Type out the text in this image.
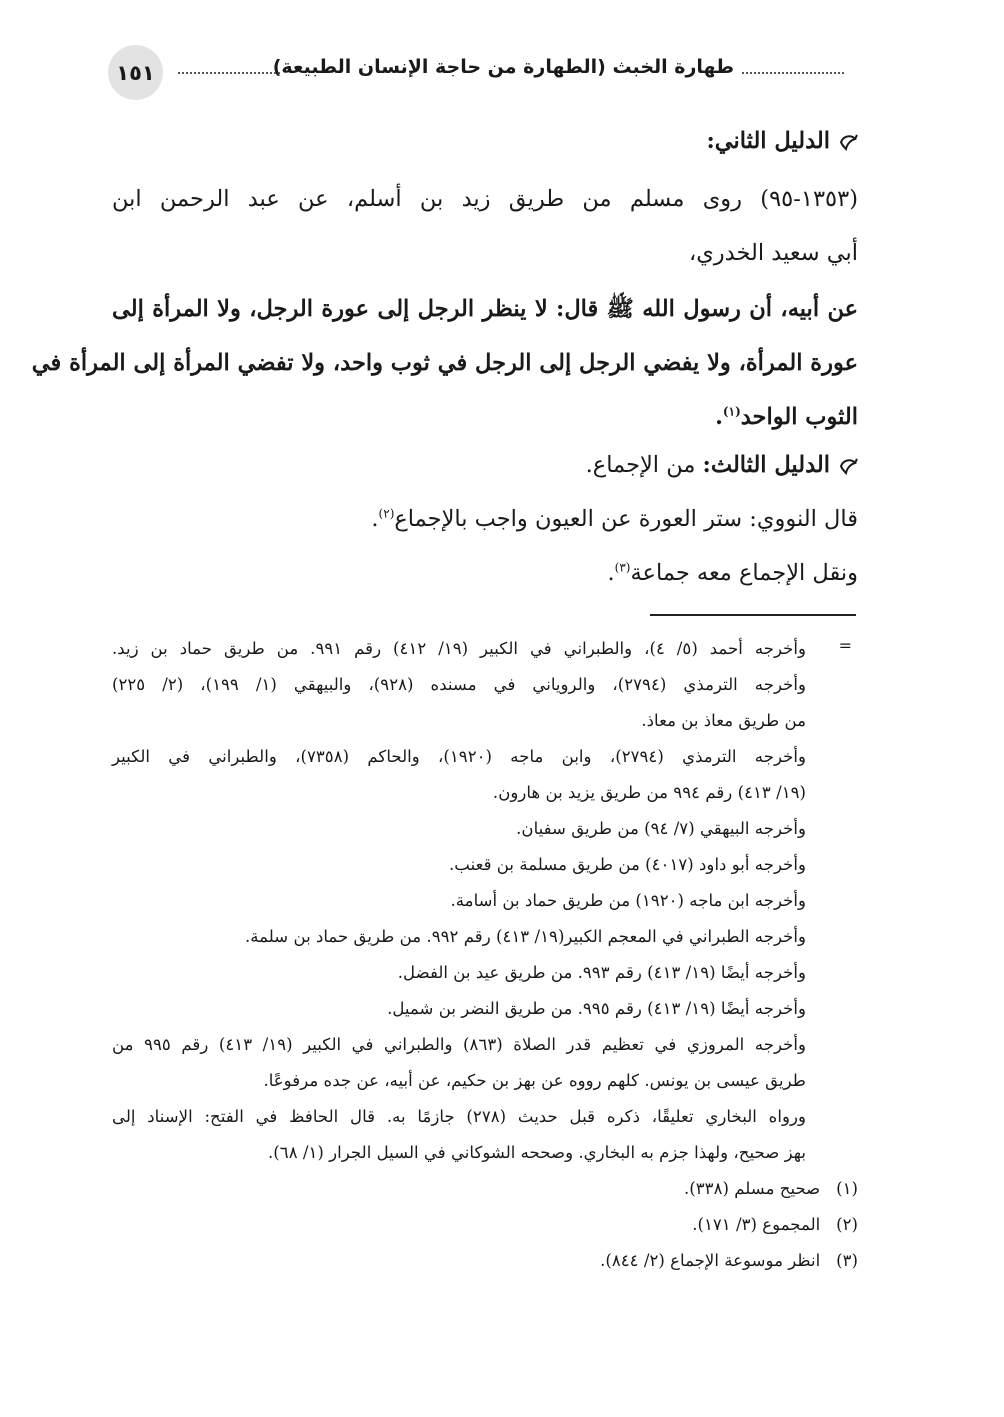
١٥١	طهارة الخبث (الطهارة من حاجة الإنسان الطبيعة)
الدليل الثاني:
(١٣٥٣-٩٥) روى مسلم من طريق زيد بن أسلم، عن عبد الرحمن ابن
أبي سعيد الخدري،
عن أبيه، أن رسول الله ﷺ قال: لا ينظر الرجل إلى عورة الرجل، ولا المرأة إلى
عورة المرأة، ولا يفضي الرجل إلى الرجل في ثوب واحد، ولا تفضي المرأة إلى المرأة في
الثوب الواحد$^{(١)}$.
الدليل الثالث: من الإجماع.
قال النووي: ستر العورة عن العيون واجب بالإجماع$^{(٢)}$.
ونقل الإجماع معه جماعة$^{(٣)}$.
=
وأخرجه أحمد (٥/ ٤)، والطبراني في الكبير (١٩/ ٤١٢) رقم ٩٩١. من طريق حماد بن زيد.
وأخرجه الترمذي (٢٧٩٤)، والروياني في مسنده (٩٢٨)، والبيهقي (١/ ١٩٩)، (٢/ ٢٢٥)
من طريق معاذ بن معاذ.
وأخرجه الترمذي (٢٧٩٤)، وابن ماجه (١٩٢٠)، والحاكم (٧٣٥٨)، والطبراني في الكبير
(١٩/ ٤١٣) رقم ٩٩٤ من طريق يزيد بن هارون.
وأخرجه البيهقي (٧/ ٩٤) من طريق سفيان.
وأخرجه أبو داود (٤٠١٧) من طريق مسلمة بن قعنب.
وأخرجه ابن ماجه (١٩٢٠) من طريق حماد بن أسامة.
وأخرجه الطبراني في المعجم الكبير(١٩/ ٤١٣) رقم ٩٩٢. من طريق حماد بن سلمة.
وأخرجه أيضًا (١٩/ ٤١٣) رقم ٩٩٣. من طريق عيد بن الفضل.
وأخرجه أيضًا (١٩/ ٤١٣) رقم ٩٩٥. من طريق النضر بن شميل.
وأخرجه المروزي في تعظيم قدر الصلاة (٨٦٣) والطبراني في الكبير (١٩/ ٤١٣) رقم ٩٩٥ من
طريق عيسى بن يونس. كلهم رووه عن بهز بن حكيم، عن أبيه، عن جده مرفوعًا.
ورواه البخاري تعليقًا، ذكره قبل حديث (٢٧٨) جازمًا به. قال الحافظ في الفتح: الإسناد إلى
بهز صحيح، ولهذا جزم به البخاري. وصححه الشوكاني في السيل الجرار (١/ ٦٨).
(١)   صحيح مسلم (٣٣٨).
(٢)   المجموع (٣/ ١٧١).
(٣)   انظر موسوعة الإجماع (٢/ ٨٤٤).
